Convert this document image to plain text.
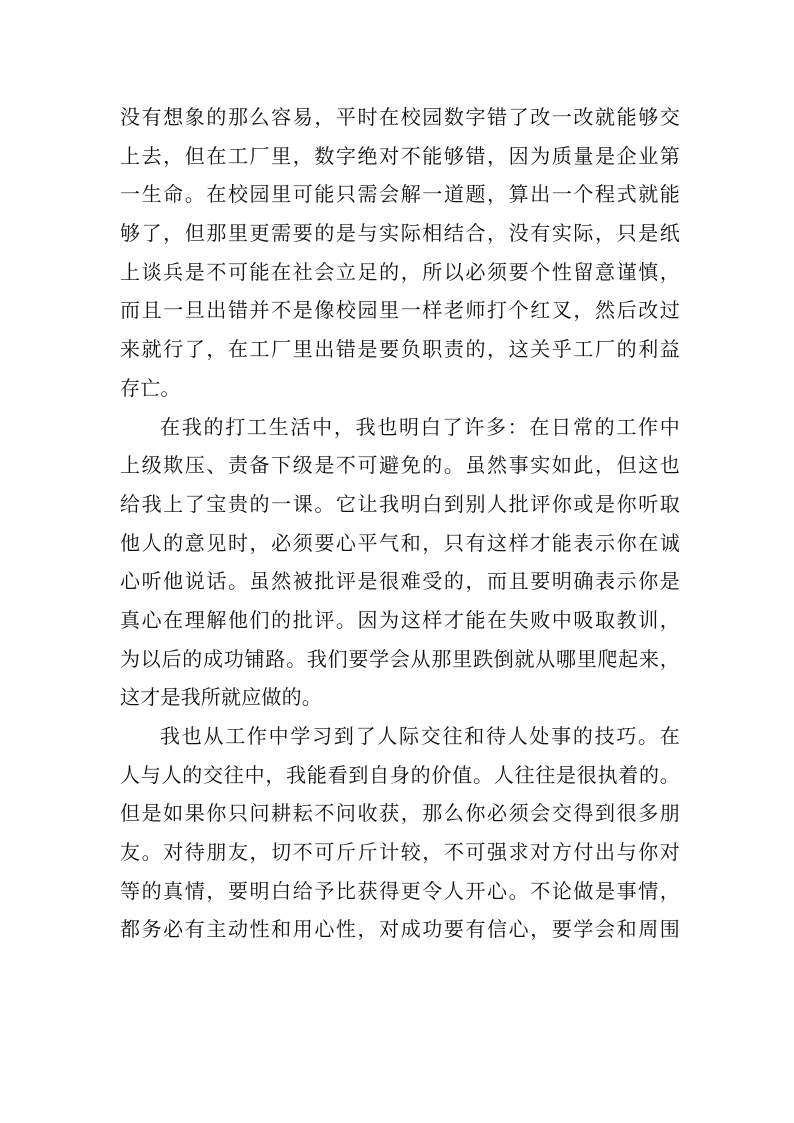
没有想象的那么容易，平时在校园数字错了改一改就能够交
上去，但在工厂里，数字绝对不能够错，因为质量是企业第
一生命。在校园里可能只需会解一道题，算出一个程式就能
够了，但那里更需要的是与实际相结合，没有实际，只是纸
上谈兵是不可能在社会立足的，所以必须要个性留意谨慎，
而且一旦出错并不是像校园里一样老师打个红叉，然后改过
来就行了，在工厂里出错是要负职责的，这关乎工厂的利益
存亡。
在我的打工生活中，我也明白了许多：在日常的工作中
上级欺压、责备下级是不可避免的。虽然事实如此，但这也
给我上了宝贵的一课。它让我明白到别人批评你或是你听取
他人的意见时，必须要心平气和，只有这样才能表示你在诚
心听他说话。虽然被批评是很难受的，而且要明确表示你是
真心在理解他们的批评。因为这样才能在失败中吸取教训，
为以后的成功铺路。我们要学会从那里跌倒就从哪里爬起来，
这才是我所就应做的。
我也从工作中学习到了人际交往和待人处事的技巧。在
人与人的交往中，我能看到自身的价值。人往往是很执着的。
但是如果你只问耕耘不问收获，那么你必须会交得到很多朋
友。对待朋友，切不可斤斤计较，不可强求对方付出与你对
等的真情，要明白给予比获得更令人开心。不论做是事情，
都务必有主动性和用心性，对成功要有信心，要学会和周围
